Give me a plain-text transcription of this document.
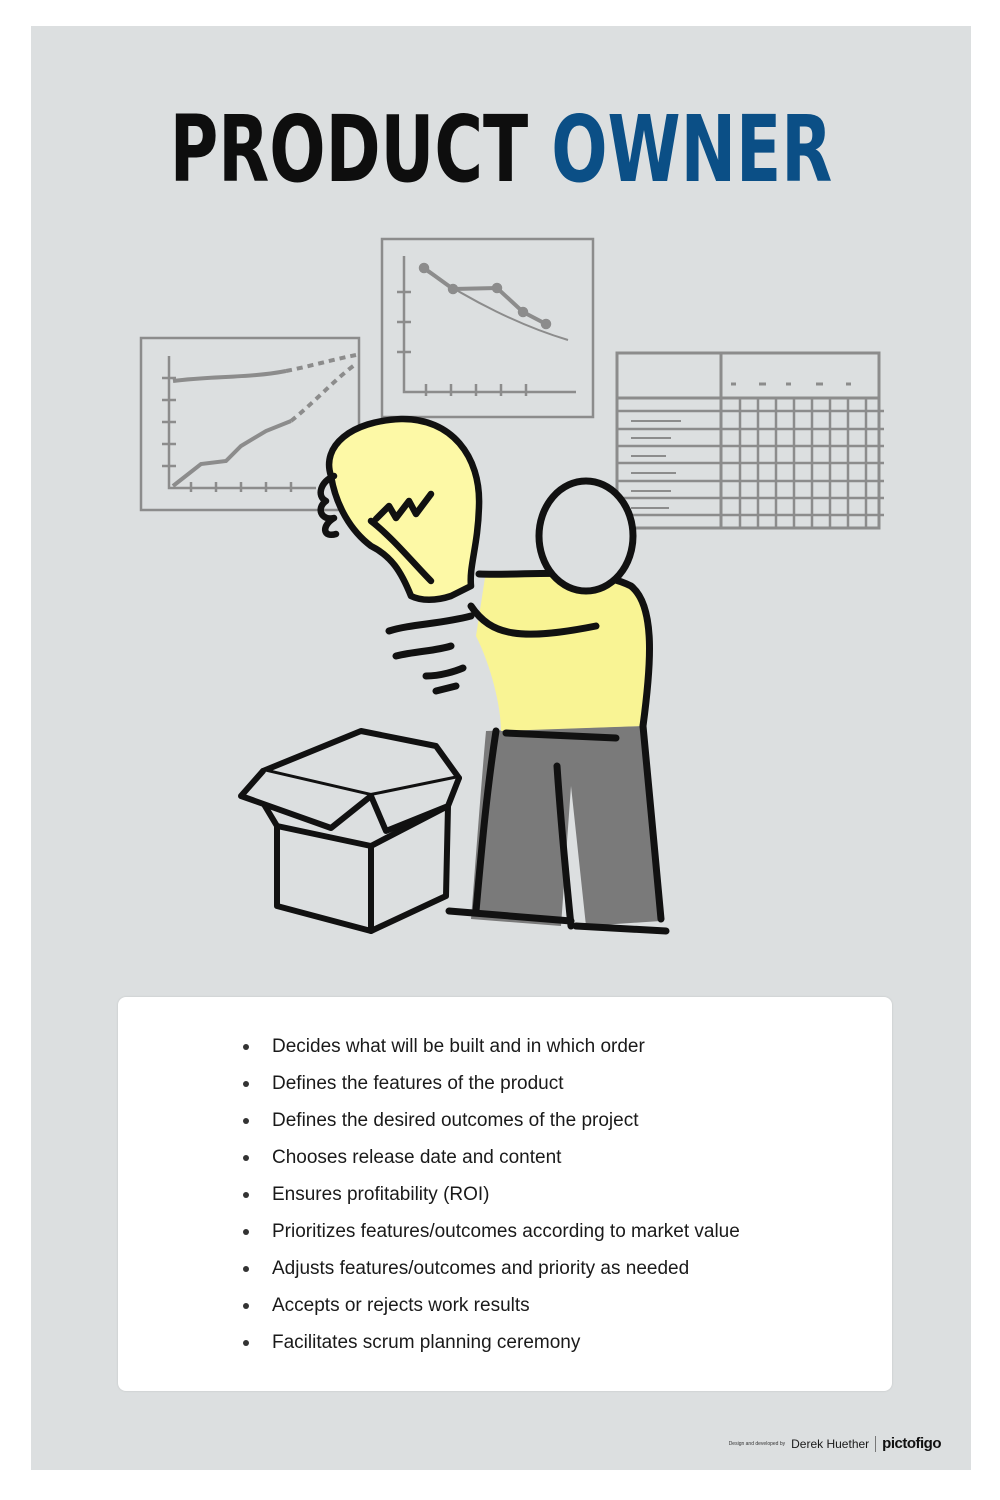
PRODUCT OWNER
Decides what will be built and in which order
Defines the features of the product
Defines the desired outcomes of the project
Chooses release date and content
Ensures profitability (ROI)
Prioritizes features/outcomes according to market value
Adjusts features/outcomes and priority as needed
Accepts or rejects work results
Facilitates scrum planning ceremony
Design and developed by Derek Huether pictofigo
